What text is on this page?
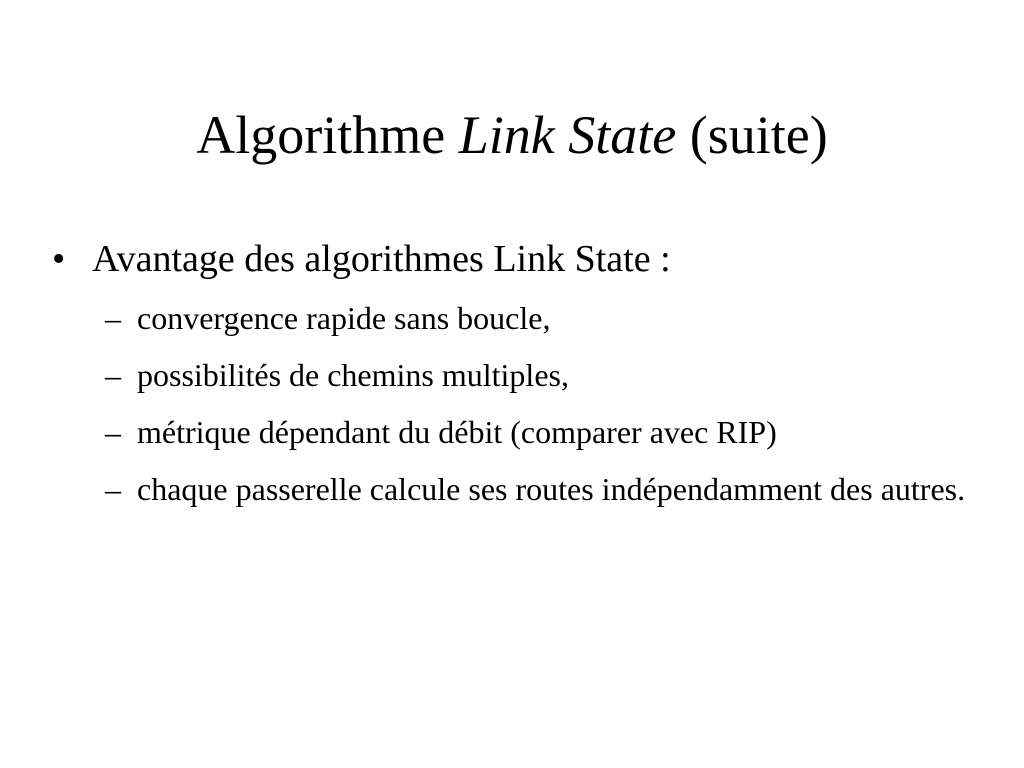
Algorithme Link State (suite)
• Avantage des algorithmes Link State :
– convergence rapide sans boucle,
– possibilités de chemins multiples,
– métrique dépendant du débit (comparer avec RIP)
– chaque passerelle calcule ses routes indépendamment des autres.
